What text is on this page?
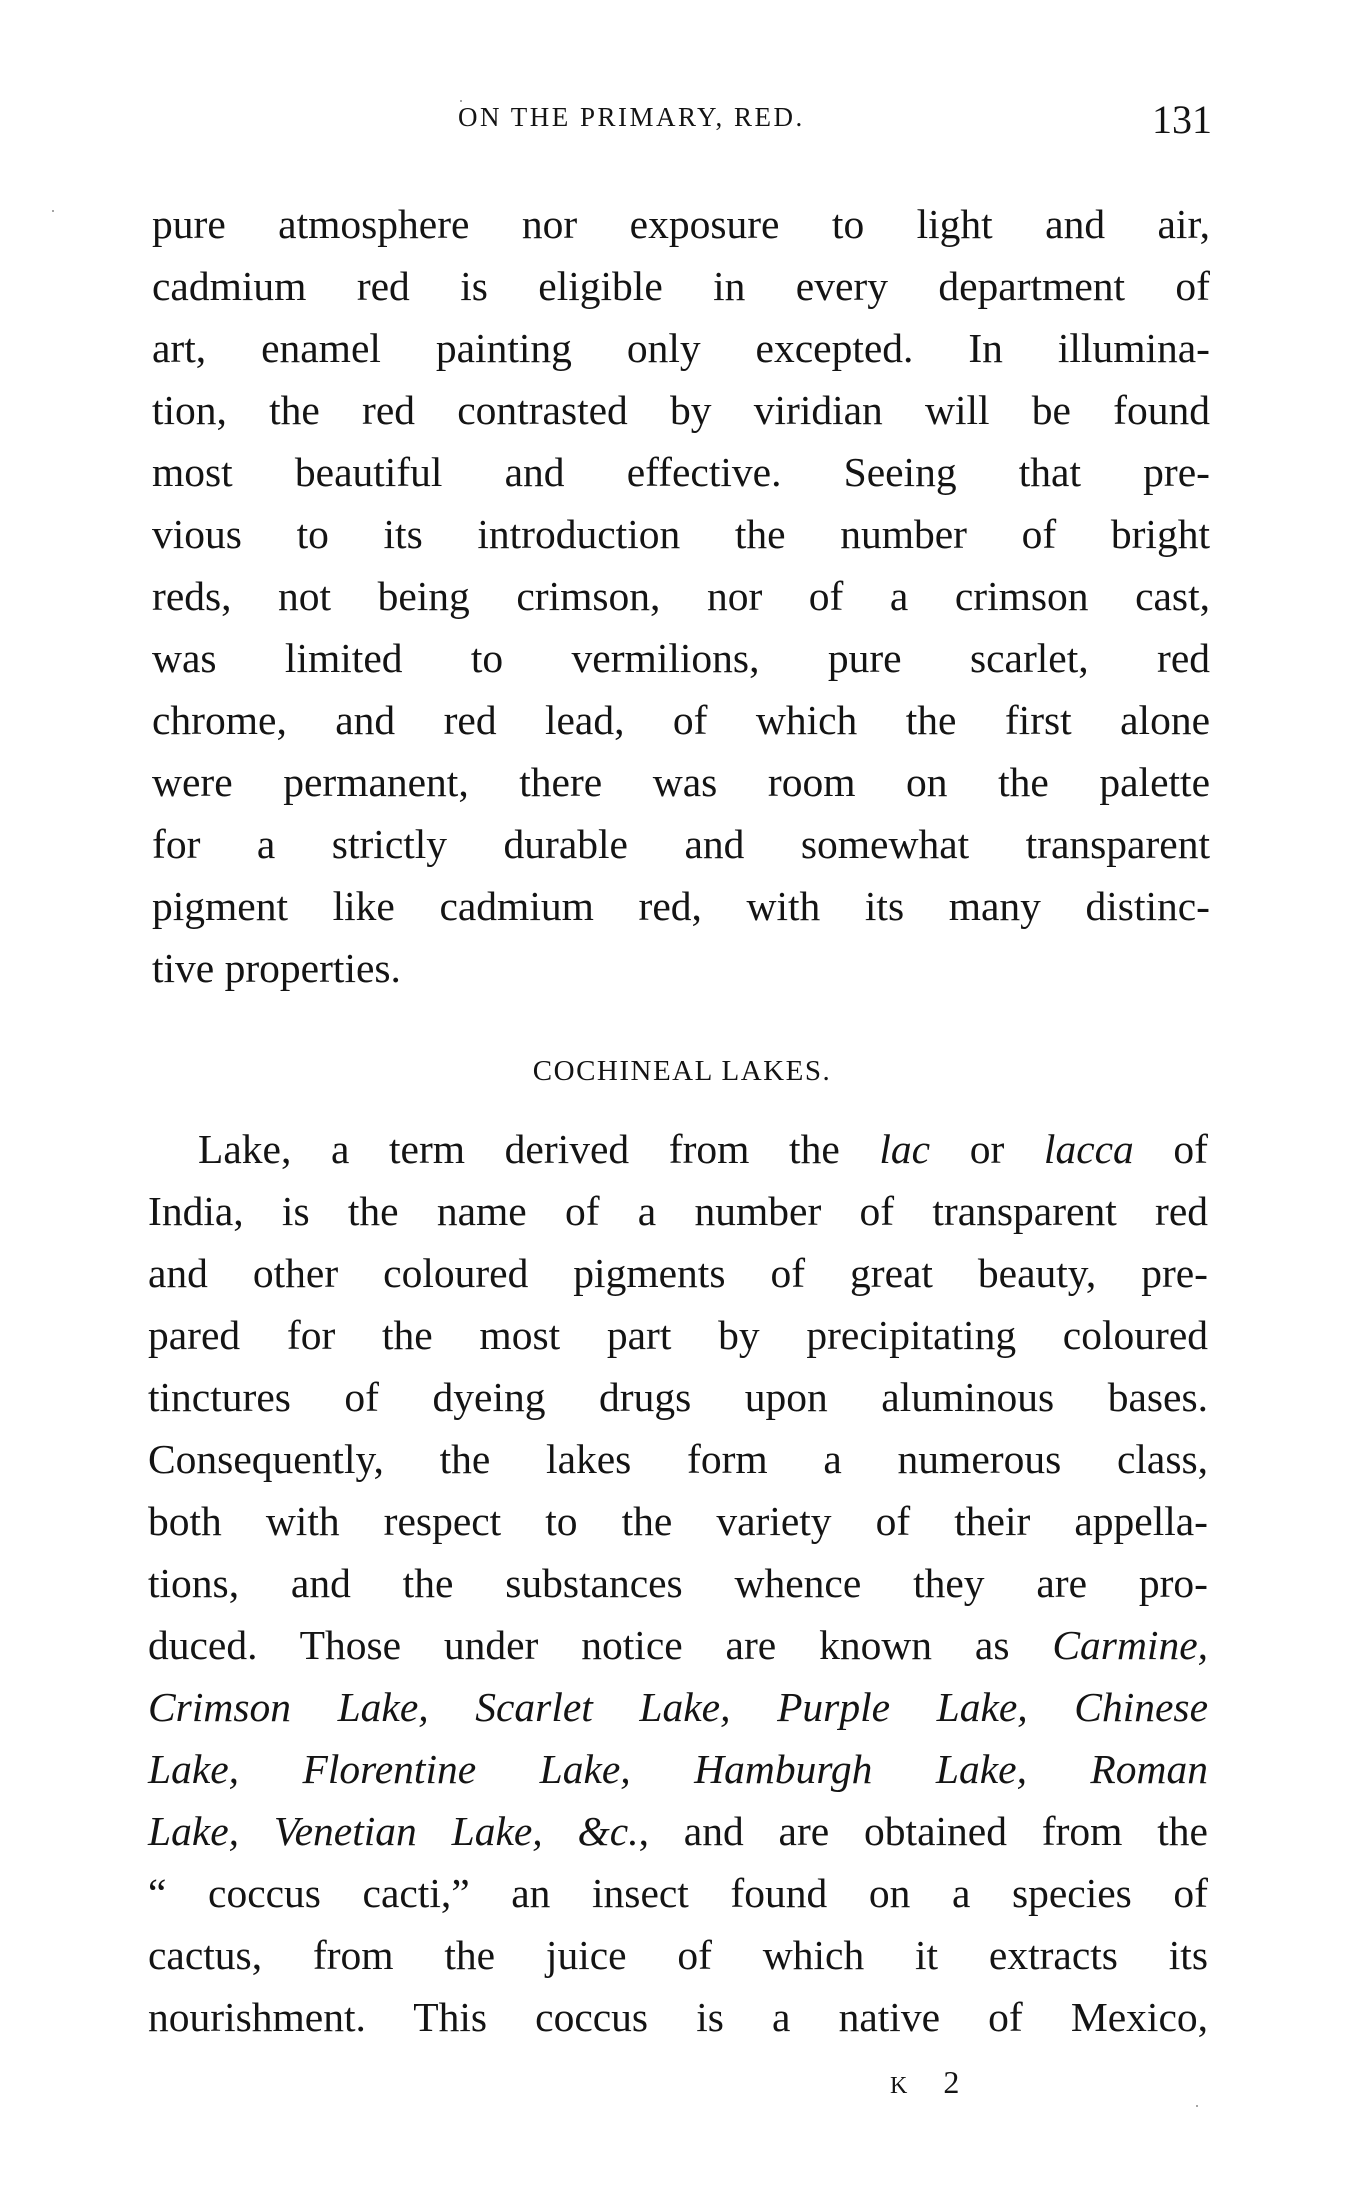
ON THE PRIMARY, RED.	131
pure atmosphere nor exposure to light and air,
cadmium red is eligible in every department of
art, enamel painting only excepted. In illumina-
tion, the red contrasted by viridian will be found
most beautiful and effective. Seeing that pre-
vious to its introduction the number of bright
reds, not being crimson, nor of a crimson cast,
was limited to vermilions, pure scarlet, red
chrome, and red lead, of which the first alone
were permanent, there was room on the palette
for a strictly durable and somewhat transparent
pigment like cadmium red, with its many distinc-
tive properties.
COCHINEAL LAKES.
Lake, a term derived from the lac or lacca of
India, is the name of a number of transparent red
and other coloured pigments of great beauty, pre-
pared for the most part by precipitating coloured
tinctures of dyeing drugs upon aluminous bases.
Consequently, the lakes form a numerous class,
both with respect to the variety of their appella-
tions, and the substances whence they are pro-
duced. Those under notice are known as Carmine,
Crimson Lake, Scarlet Lake, Purple Lake, Chinese
Lake, Florentine Lake, Hamburgh Lake, Roman
Lake, Venetian Lake, &c., and are obtained from the
“ coccus cacti,” an insect found on a species of
cactus, from the juice of which it extracts its
nourishment. This coccus is a native of Mexico,
K 2
